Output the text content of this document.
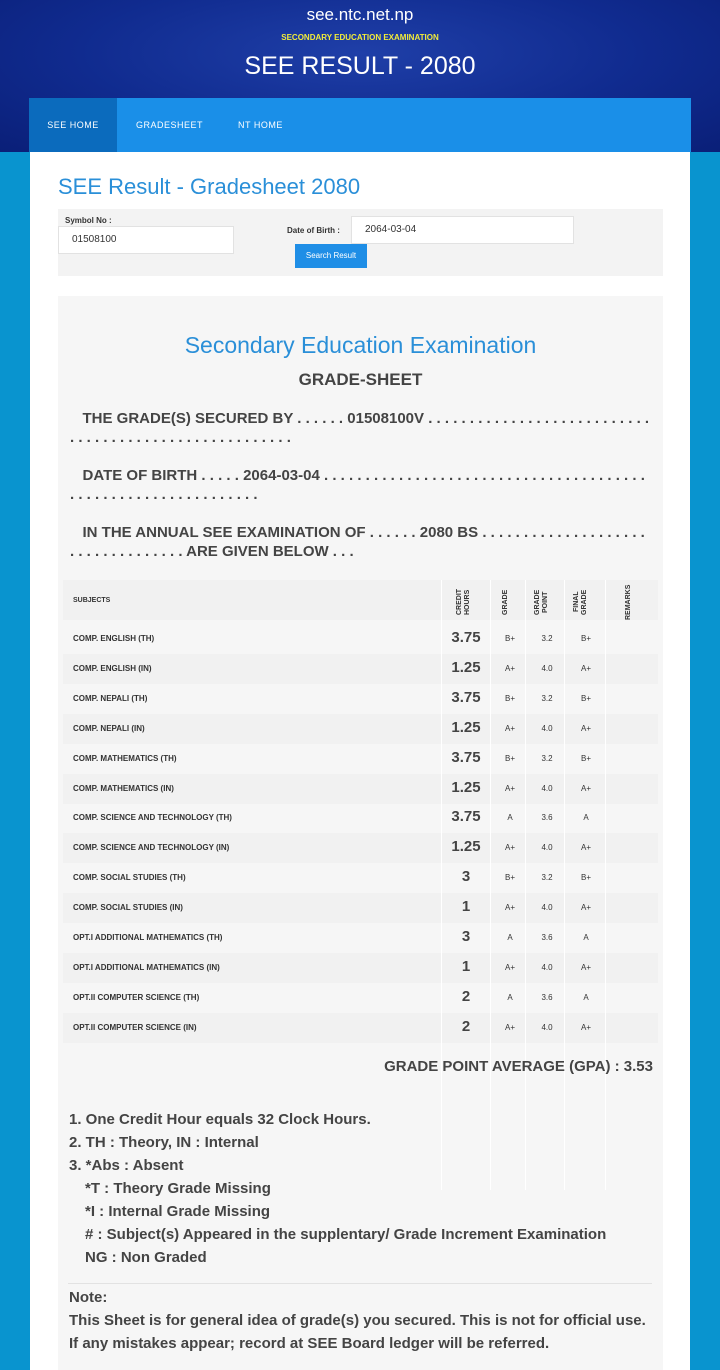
see.ntc.net.np
SECONDARY EDUCATION EXAMINATION
SEE RESULT - 2080
SEE HOME	GRADESHEET	NT HOME
SEE Result - Gradesheet 2080
Symbol No :
01508100
Date of Birth :	2064-03-04
Search Result
Secondary Education Examination
GRADE-SHEET
THE GRADE(S) SECURED BY . . . . . . 01508100V . . . . . . . . . . . . . . . . . . . . . . . . . . . . . . . . . . . . . . . . . . . . . . . . . . . . . .
DATE OF BIRTH . . . . . 2064-03-04 . . . . . . . . . . . . . . . . . . . . . . . . . . . . . . . . . . . . . . . . . . . . . . . . . . . . . . . . . . . . . .
IN THE ANNUAL SEE EXAMINATION OF . . . . . . 2080 BS . . . . . . . . . . . . . . . . . . . . . . . . . . . . . . . . . . ARE GIVEN BELOW . . .
SUBJECTS	CREDIT HOURS	GRADE	GRADE POINT	FINAL GRADE	REMARKS
COMP. ENGLISH (TH)	3.75	B+	3.2	B+
COMP. ENGLISH (IN)	1.25	A+	4.0	A+
COMP. NEPALI (TH)	3.75	B+	3.2	B+
COMP. NEPALI (IN)	1.25	A+	4.0	A+
COMP. MATHEMATICS (TH)	3.75	B+	3.2	B+
COMP. MATHEMATICS (IN)	1.25	A+	4.0	A+
COMP. SCIENCE AND TECHNOLOGY (TH)	3.75	A	3.6	A
COMP. SCIENCE AND TECHNOLOGY (IN)	1.25	A+	4.0	A+
COMP. SOCIAL STUDIES (TH)	3	B+	3.2	B+
COMP. SOCIAL STUDIES (IN)	1	A+	4.0	A+
OPT.I ADDITIONAL MATHEMATICS (TH)	3	A	3.6	A
OPT.I ADDITIONAL MATHEMATICS (IN)	1	A+	4.0	A+
OPT.II COMPUTER SCIENCE (TH)	2	A	3.6	A
OPT.II COMPUTER SCIENCE (IN)	2	A+	4.0	A+
GRADE POINT AVERAGE (GPA) : 3.53
1. One Credit Hour equals 32 Clock Hours.
2. TH : Theory, IN : Internal
3. *Abs : Absent
*T : Theory Grade Missing
*I : Internal Grade Missing
# : Subject(s) Appeared in the supplentary/ Grade Increment Examination
NG : Non Graded
Note:
This Sheet is for general idea of grade(s) you secured. This is not for official use. If any mistakes appear; record at SEE Board ledger will be referred.
